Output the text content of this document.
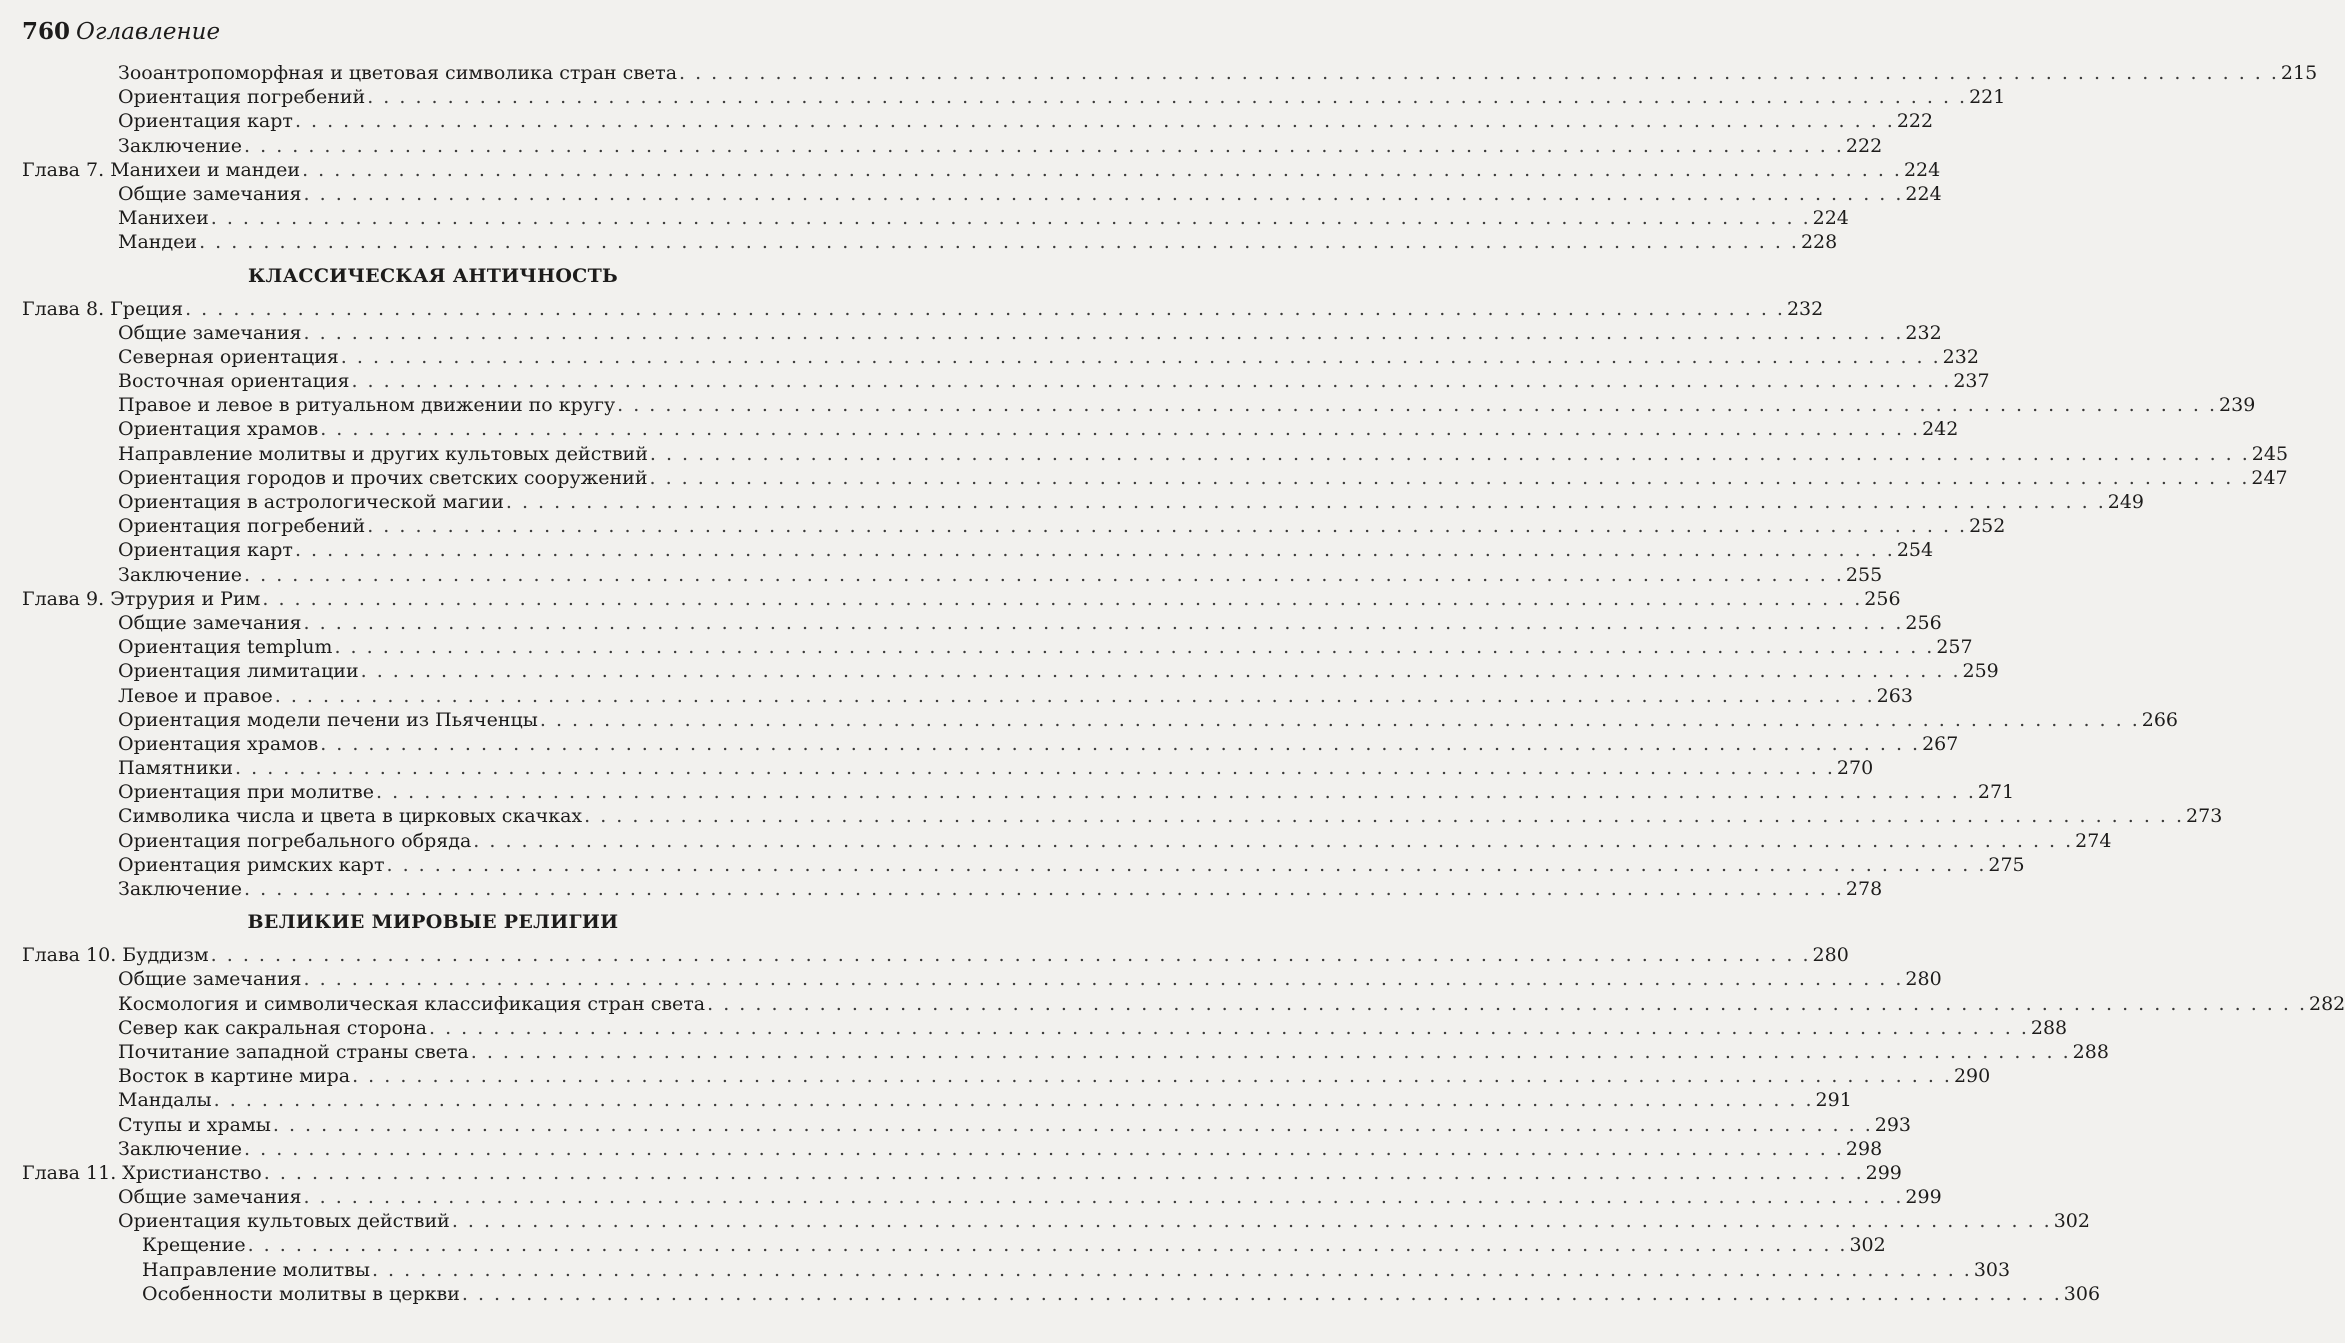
760 Оглавление
Зооантропоморфная и цветовая символика стран света . . .	215
Ориентация погребений . . .	221
Ориентация карт . . .	222
Заключение . . .	222
Глава 7. Манихеи и мандеи . . .	224
Общие замечания . . .	224
Манихеи . . .	224
Мандеи . . .	228
КЛАССИЧЕСКАЯ АНТИЧНОСТЬ
Глава 8. Греция . . .	232
Общие замечания . . .	232
Северная ориентация . . .	232
Восточная ориентация . . .	237
Правое и левое в ритуальном движении по кругу . . .	239
Ориентация храмов . . .	242
Направление молитвы и других культовых действий . . .	245
Ориентация городов и прочих светских сооружений . . .	247
Ориентация в астрологической магии . . .	249
Ориентация погребений . . .	252
Ориентация карт . . .	254
Заключение . . .	255
Глава 9. Этрурия и Рим . . .	256
Общие замечания . . .	256
Ориентация templum . . .	257
Ориентация лимитации . . .	259
Левое и правое . . .	263
Ориентация модели печени из Пьяченцы . . .	266
Ориентация храмов . . .	267
Памятники . . .	270
Ориентация при молитве . . .	271
Символика числа и цвета в цирковых скачках . . .	273
Ориентация погребального обряда . . .	274
Ориентация римских карт . . .	275
Заключение . . .	278
ВЕЛИКИЕ МИРОВЫЕ РЕЛИГИИ
Глава 10. Буддизм . . .	280
Общие замечания . . .	280
Космология и символическая классификация стран света . . .	282
Север как сакральная сторона . . .	288
Почитание западной страны света . . .	288
Восток в картине мира . . .	290
Мандалы . . .	291
Ступы и храмы . . .	293
Заключение . . .	298
Глава 11. Христианство . . .	299
Общие замечания . . .	299
Ориентация культовых действий . . .	302
Крещение . . .	302
Направление молитвы . . .	303
Особенности молитвы в церкви . . .	306
